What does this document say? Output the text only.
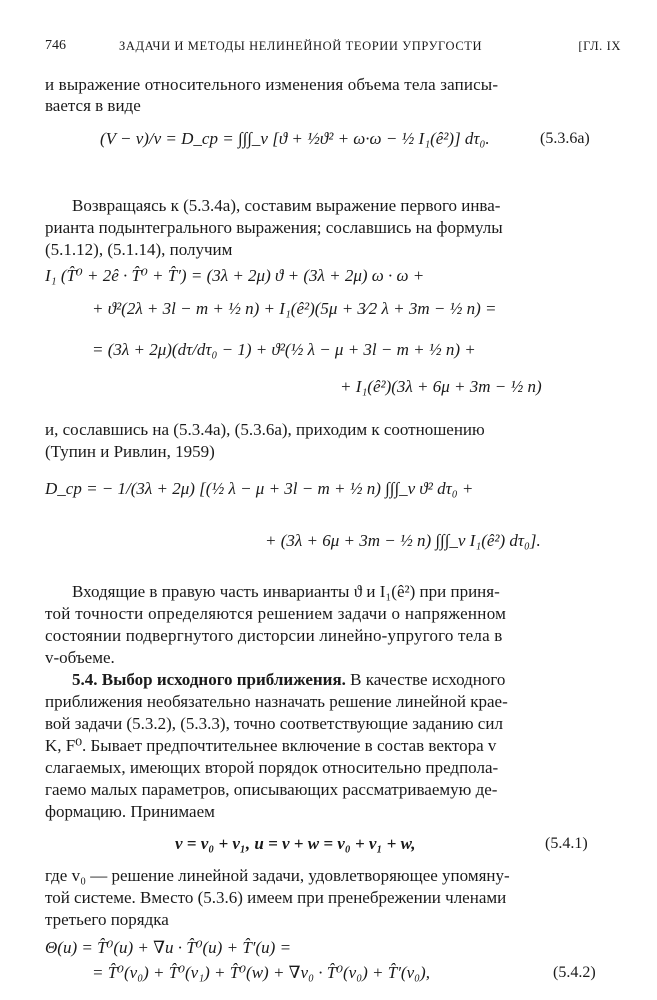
746	ЗАДАЧИ И МЕТОДЫ НЕЛИНЕЙНОЙ ТЕОРИИ УПРУГОСТИ	[ГЛ. IX
и выражение относительного изменения объема тела записы-
вается в виде
(V − v)/v = D_ср = ∫∫∫_v [ϑ + ½ϑ² + ω·ω − ½ I₁(ê²)] dτ₀.	(5.3.6а)
Возвращаясь к (5.3.4а), составим выражение первого инва-
рианта подынтегрального выражения; сославшись на формулы
(5.1.12), (5.1.14), получим
I₁ (T̂⁰ + 2ê · T̂⁰ + T̂′) = (3λ + 2μ) ϑ + (3λ + 2μ) ω · ω +
+ ϑ²(2λ + 3l − m + ½ n) + I₁(ê²)(5μ + 3⁄2 λ + 3m − ½ n) =
= (3λ + 2μ)(dτ/dτ₀ − 1) + ϑ²(½ λ − μ + 3l − m + ½ n) +
+ I₁(ê²)(3λ + 6μ + 3m − ½ n)
и, сославшись на (5.3.4а), (5.3.6а), приходим к соотношению
(Тупин и Ривлин, 1959)
D_ср = − 1/(3λ + 2μ) [(½ λ − μ + 3l − m + ½ n) ∫∫∫_v ϑ² dτ₀ +
+ (3λ + 6μ + 3m − ½ n) ∫∫∫_v I₁(ê²) dτ₀].
Входящие в правую часть инварианты ϑ и I₁(ê²) при приня-
той точности определяются решением задачи о напряженном
состоянии подвергнутого дисторсии линейно-упругого тела в
v-объеме.
5.4. Выбор исходного приближения. В качестве исходного
приближения необязательно назначать решение линейной крае-
вой задачи (5.3.2), (5.3.3), точно соответствующие заданию сил
K, F⁰. Бывает предпочтительнее включение в состав вектора v
слагаемых, имеющих второй порядок относительно предпола-
гаемо малых параметров, описывающих рассматриваемую де-
формацию. Принимаем
v = v₀ + v₁, u = v + w = v₀ + v₁ + w,	(5.4.1)
где v₀ — решение линейной задачи, удовлетворяющее упомяну-
той системе. Вместо (5.3.6) имеем при пренебрежении членами
третьего порядка
Θ(u) = T̂⁰(u) + ∇u · T̂⁰(u) + T̂′(u) =
= T̂⁰(v₀) + T̂⁰(v₁) + T̂⁰(w) + ∇v₀ · T̂⁰(v₀) + T̂′(v₀),	(5.4.2)
